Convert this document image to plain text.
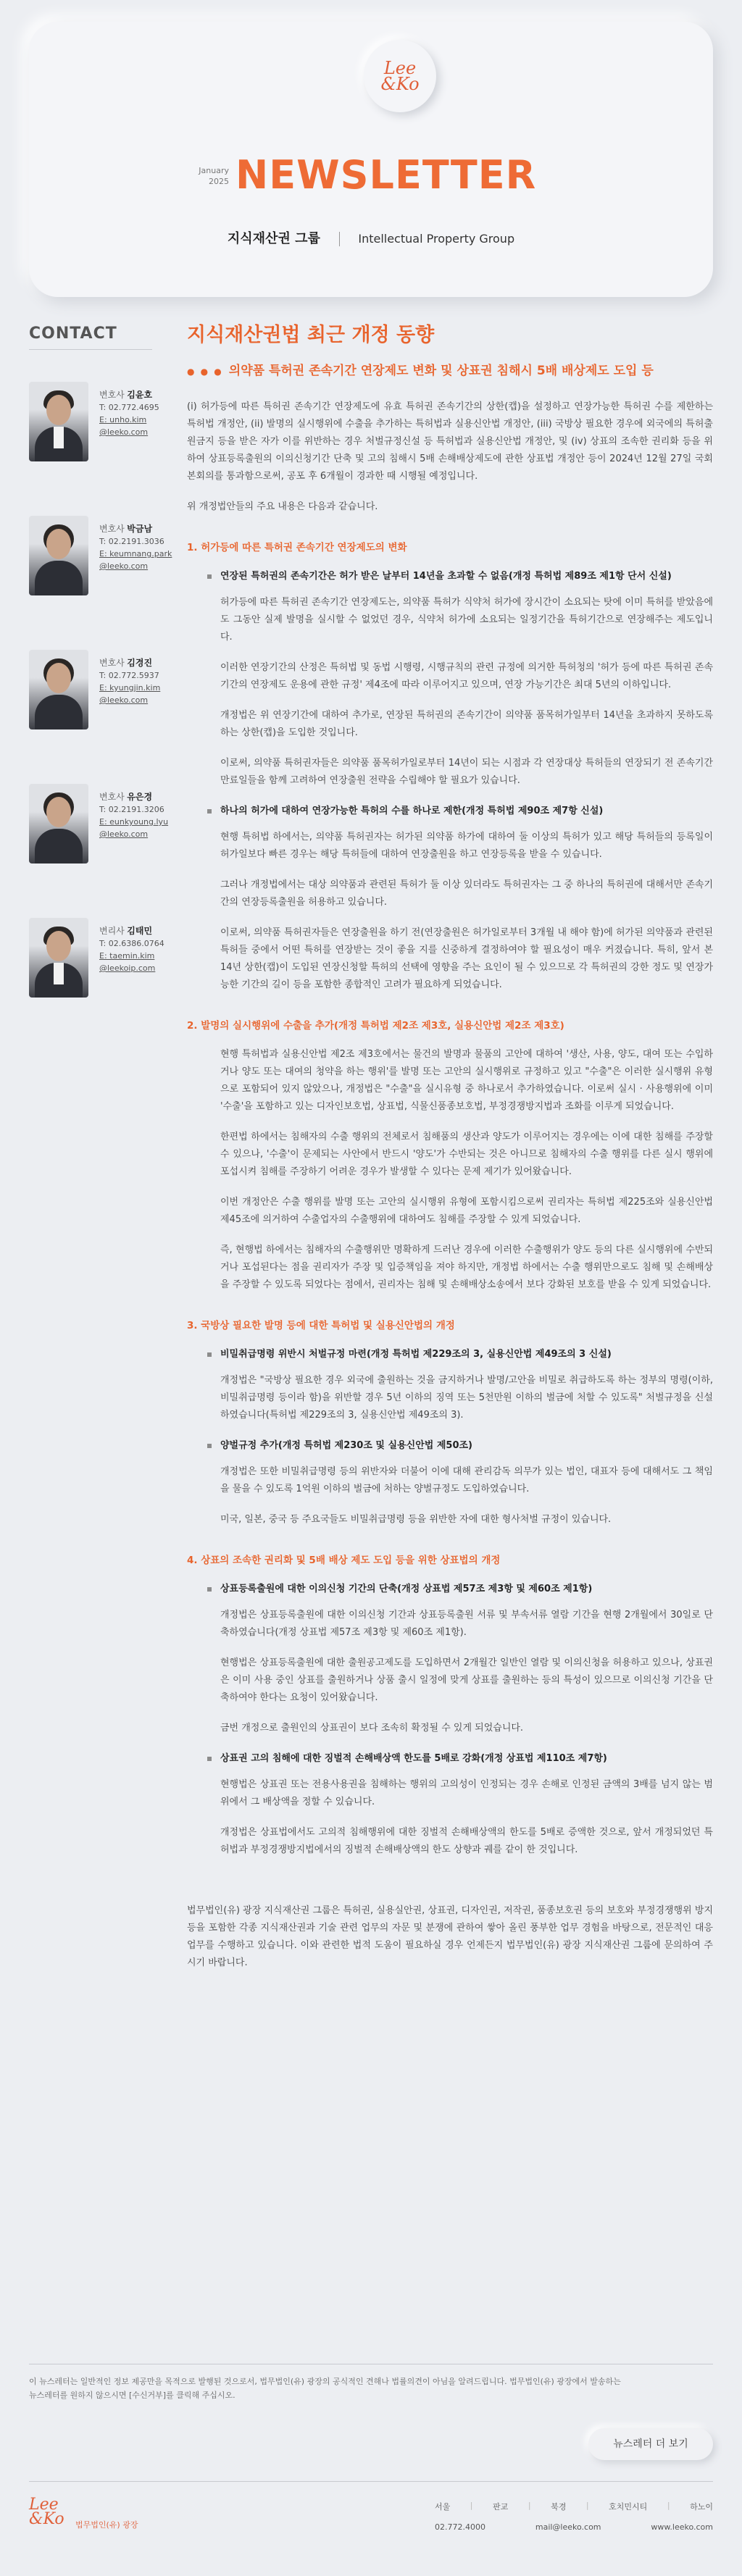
Lee
&Ko
January
2025 NEWSLETTER
지식재산권 그룹	Intellectual Property Group
CONTACT
변호사 김윤호
T: 02.772.4695
E: unho.kim
@leeko.com
변호사 박금남
T: 02.2191.3036
E: keumnang.park
@leeko.com
변호사 김경진
T: 02.772.5937
E: kyungjin.kim
@leeko.com
변호사 유은경
T: 02.2191.3206
E: eunkyoung.lyu
@leeko.com
변리사 김태민
T: 02.6386.0764
E: taemin.kim
@leekoip.com
지식재산권법 최근 개정 동향
● ● ● 의약품 특허권 존속기간 연장제도 변화 및 상표권 침해시 5배 배상제도 도입 등

(i) 허가등에 따른 특허권 존속기간 연장제도에 유효 특허권 존속기간의 상한(캡)을 설정하고 연장가능한 특허권 수를 제한하는 특허법 개정안, (ii) 발명의 실시행위에 수출을 추가하는 특허법과 실용신안법 개정안, (iii) 국방상 필요한 경우에 외국에의 특허출원금지 등을 받은 자가 이를 위반하는 경우 처벌규정신설 등 특허법과 실용신안법 개정안, 및 (iv) 상표의 조속한 권리화 등을 위하여 상표등록출원의 이의신청기간 단축 및 고의 침해시 5배 손해배상제도에 관한 상표법 개정안 등이 2024년 12월 27일 국회 본회의를 통과함으로써, 공포 후 6개월이 경과한 때 시행될 예정입니다.

위 개정법안들의 주요 내용은 다음과 같습니다.

1. 허가등에 따른 특허권 존속기간 연장제도의 변화
연장된 특허권의 존속기간은 허가 받은 날부터 14년을 초과할 수 없음(개정 특허법 제89조 제1항 단서 신설)

허가등에 따른 특허권 존속기간 연장제도는, 의약품 특허가 식약처 허가에 장시간이 소요되는 탓에 이미 특허를 받았음에도 그동안 실제 발명을 실시할 수 없었던 경우, 식약처 허가에 소요되는 일정기간을 특허기간으로 연장해주는 제도입니다.

이러한 연장기간의 산정은 특허법 및 동법 시행령, 시행규칙의 관련 규정에 의거한 특허청의 '허가 등에 따른 특허권 존속기간의 연장제도 운용에 관한 규정' 제4조에 따라 이루어지고 있으며, 연장 가능기간은 최대 5년의 이하입니다.

개정법은 위 연장기간에 대하여 추가로, 연장된 특허권의 존속기간이 의약품 품목허가일부터 14년을 초과하지 못하도록 하는 상한(캡)을 도입한 것입니다.

이로써, 의약품 특허권자들은 의약품 품목허가일로부터 14년이 되는 시점과 각 연장대상 특허들의 연장되기 전 존속기간 만료일들을 함께 고려하여 연장출원 전략을 수립해야 할 필요가 있습니다.

하나의 허가에 대하여 연장가능한 특허의 수를 하나로 제한(개정 특허법 제90조 제7항 신설)

현행 특허법 하에서는, 의약품 특허권자는 허가된 의약품 하가에 대하여 둘 이상의 특허가 있고 해당 특허들의 등록일이 허가일보다 빠른 경우는 해당 특허들에 대하여 연장출원을 하고 연장등록을 받을 수 있습니다.

그러나 개정법에서는 대상 의약품과 관련된 특허가 둘 이상 있더라도 특허권자는 그 중 하나의 특허권에 대해서만 존속기간의 연장등록출원을 허용하고 있습니다.

이로써, 의약품 특허권자들은 연장출원을 하기 전(연장출원은 허가일로부터 3개월 내 해야 함)에 허가된 의약품과 관련된 특허들 중에서 어떤 특허를 연장받는 것이 좋을 지를 신중하게 결정하여야 할 필요성이 매우 커졌습니다. 특히, 앞서 본 14년 상한(캡)이 도입된 연장신청할 특허의 선택에 영향을 주는 요인이 될 수 있으므로 각 특허권의 강한 정도 및 연장가능한 기간의 길이 등을 포함한 종합적인 고려가 필요하게 되었습니다.

2. 발명의 실시행위에 수출을 추가(개정 특허법 제2조 제3호, 실용신안법 제2조 제3호)

현행 특허법과 실용신안법 제2조 제3호에서는 물건의 발명과 물품의 고안에 대하여 '생산, 사용, 양도, 대여 또는 수입하거나 양도 또는 대여의 청약을 하는 행위'를 발명 또는 고안의 실시행위로 규정하고 있고 "수출"은 이러한 실시행위 유형으로 포함되어 있지 않았으나, 개정법은 "수출"을 실시유형 중 하나로서 추가하였습니다. 이로써 실시 · 사용행위에 이미 '수출'을 포함하고 있는 디자인보호법, 상표법, 식물신품종보호법, 부정경쟁방지법과 조화를 이루게 되었습니다.

한편법 하에서는 침해자의 수출 행위의 전체로서 침해품의 생산과 양도가 이루어지는 경우에는 이에 대한 침해를 주장할 수 있으나, '수출'이 문제되는 사안에서 반드시 '양도'가 수반되는 것은 아니므로 침해자의 수출 행위를 다른 실시 행위에 포섭시켜 침해를 주장하기 어려운 경우가 발생할 수 있다는 문제 제기가 있어왔습니다.

이번 개정안은 수출 행위를 발명 또는 고안의 실시행위 유형에 포함시킴으로써 권리자는 특허법 제225조와 실용신안법 제45조에 의거하여 수출업자의 수출행위에 대하여도 침해를 주장할 수 있게 되었습니다.

즉, 현행법 하에서는 침해자의 수출행위만 명확하게 드러난 경우에 이러한 수출행위가 양도 등의 다른 실시행위에 수반되거나 포섭된다는 점을 권리자가 주장 및 입증책임을 져야 하지만, 개정법 하에서는 수출 행위만으로도 침해 및 손해배상을 주장할 수 있도록 되었다는 점에서, 권리자는 침해 및 손해배상소송에서 보다 강화된 보호를 받을 수 있게 되었습니다.

3. 국방상 필요한 발명 등에 대한 특허법 및 실용신안법의 개정
비밀취급명령 위반시 처벌규정 마련(개정 특허법 제229조의 3, 실용신안법 제49조의 3 신설)

개정법은 "국방상 필요한 경우 외국에 출원하는 것을 금지하거나 발명/고안을 비밀로 취급하도록 하는 정부의 명령(이하, 비밀취급명령 등이라 함)을 위반할 경우 5년 이하의 징역 또는 5천만원 이하의 벌금에 처할 수 있도록" 처벌규정을 신설하였습니다(특허법 제229조의 3, 실용신안법 제49조의 3).

양벌규정 추가(개정 특허법 제230조 및 실용신안법 제50조)

개정법은 또한 비밀취급명령 등의 위반자와 더불어 이에 대해 관리감독 의무가 있는 법인, 대표자 등에 대해서도 그 책임을 물을 수 있도록 1억원 이하의 벌금에 처하는 양벌규정도 도입하였습니다.

미국, 일본, 중국 등 주요국들도 비밀취급명령 등을 위반한 자에 대한 형사처벌 규정이 있습니다.

4. 상표의 조속한 권리화 및 5배 배상 제도 도입 등을 위한 상표법의 개정
상표등록출원에 대한 이의신청 기간의 단축(개정 상표법 제57조 제3항 및 제60조 제1항)

개정법은 상표등록출원에 대한 이의신청 기간과 상표등록출원 서류 및 부속서류 열람 기간을 현행 2개월에서 30일로 단축하였습니다(개정 상표법 제57조 제3항 및 제60조 제1항).

현행법은 상표등록출원에 대한 출원공고제도를 도입하면서 2개월간 일반인 열람 및 이의신청을 허용하고 있으나, 상표권은 이미 사용 중인 상표를 출원하거나 상품 출시 일정에 맞게 상표를 출원하는 등의 특성이 있으므로 이의신청 기간을 단축하여야 한다는 요청이 있어왔습니다.

금번 개정으로 출원인의 상표권이 보다 조속히 확정될 수 있게 되었습니다.

상표권 고의 침해에 대한 징벌적 손해배상액 한도를 5배로 강화(개정 상표법 제110조 제7항)

현행법은 상표권 또는 전용사용권을 침해하는 행위의 고의성이 인정되는 경우 손해로 인정된 금액의 3배를 넘지 않는 범위에서 그 배상액을 정할 수 있습니다.

개정법은 상표법에서도 고의적 침해행위에 대한 징벌적 손해배상액의 한도를 5배로 증액한 것으로, 앞서 개정되었던 특허법과 부정경쟁방지법에서의 징벌적 손해배상액의 한도 상향과 궤를 같이 한 것입니다.

법무법인(유) 광장 지식재산권 그룹은 특허권, 실용실안권, 상표권, 디자인권, 저작권, 품종보호권 등의 보호와 부정경쟁행위 방지 등을 포함한 각종 지식재산권과 기술 관련 업무의 자문 및 분쟁에 관하여 쌓아 올린 풍부한 업무 경험을 바탕으로, 전문적인 대응 업무를 수행하고 있습니다. 이와 관련한 법적 도움이 필요하실 경우 언제든지 법무법인(유) 광장 지식재산권 그룹에 문의하여 주시기 바랍니다.

이 뉴스레터는 일반적인 정보 제공만을 목적으로 발행된 것으로서, 법무법인(유) 광장의 공식적인 견해나 법률의견이 아님을 알려드립니다. 법무법인(유) 광장에서 발송하는
뉴스레터를 원하지 않으시면 [수신거부]를 클릭해 주십시오.
뉴스레터 더 보기
Lee
&Ko 법무법인(유) 광장
서울	|	판교	|	북경	|	호치민시티	|	하노이
02.772.4000	mail@leeko.com	www.leeko.com
